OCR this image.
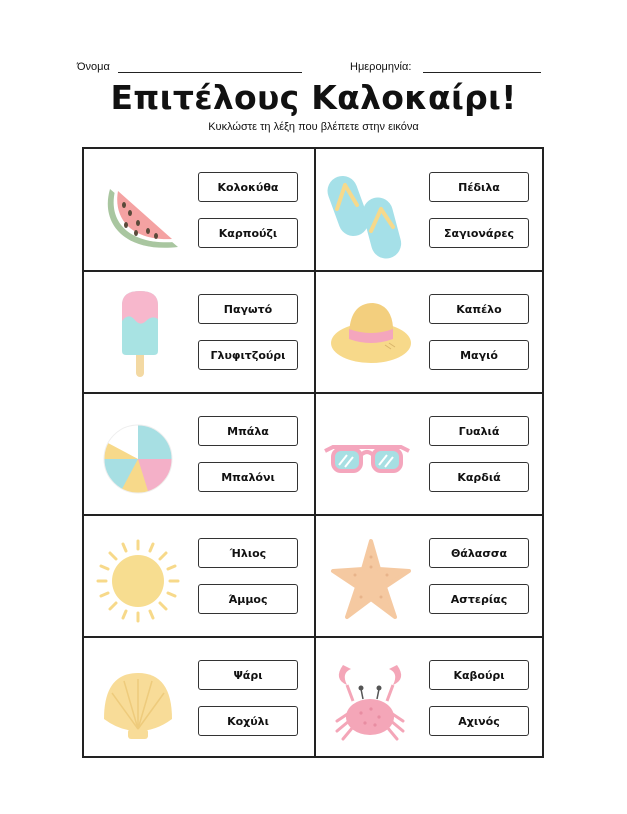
Όνομα	Ημερομηνία:
Επιτέλους Καλοκαίρι!
Κυκλώστε τη λέξη που βλέπετε στην εικόνα
Κολοκύθα
Καρπούζι
Πέδιλα
Σαγιονάρες
Παγωτό
Γλυφιτζούρι
Καπέλο
Μαγιό
Μπάλα
Μπαλόνι
Γυαλιά
Καρδιά
Ήλιος
Άμμος
Θάλασσα
Αστερίας
Ψάρι
Κοχύλι
Καβούρι
Αχινός
